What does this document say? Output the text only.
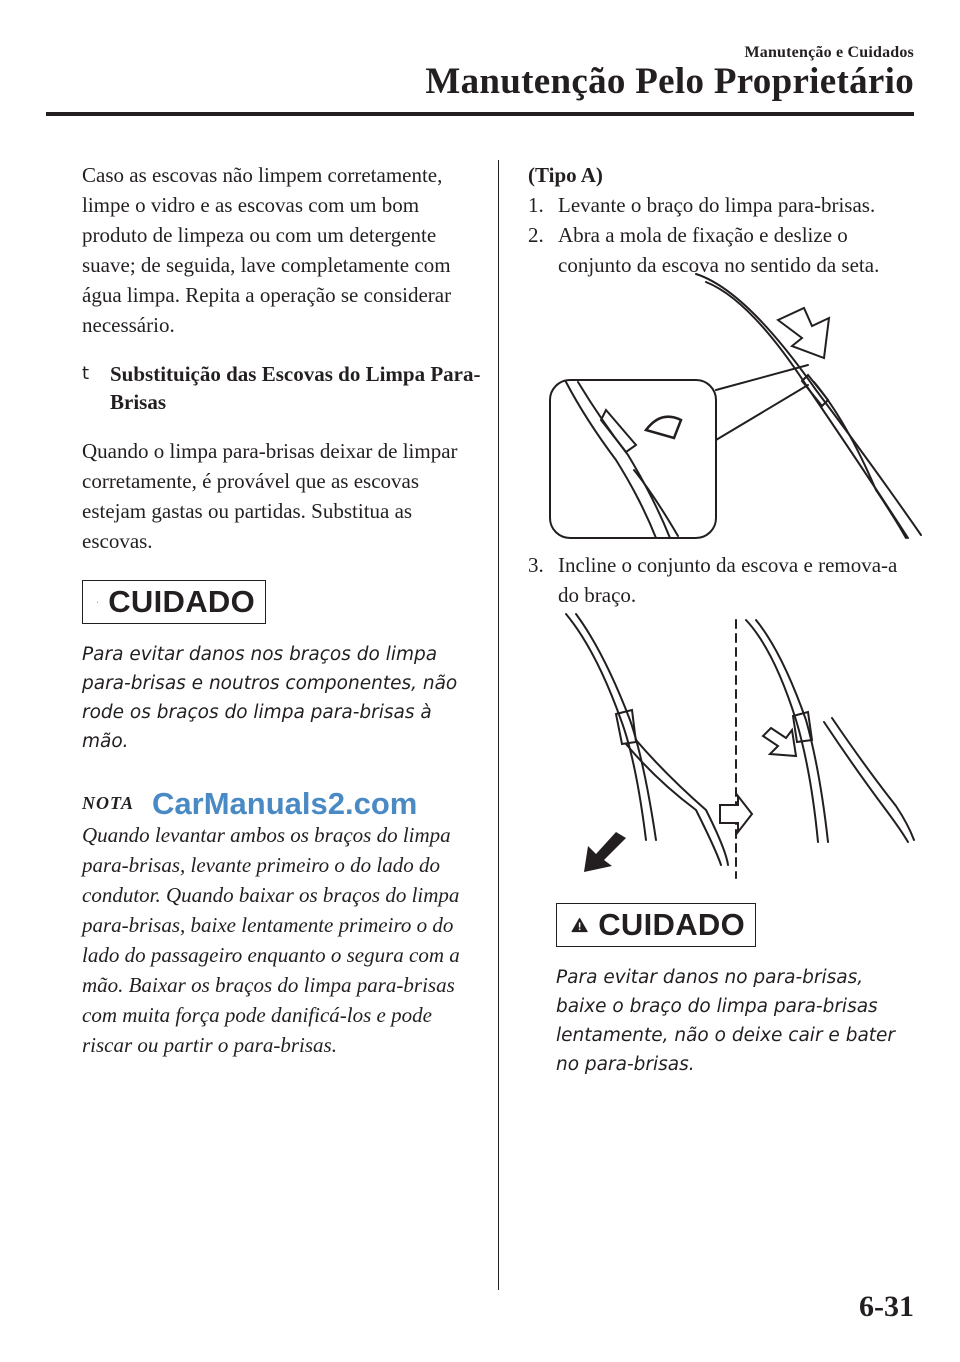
Manutenção e Cuidados
Manutenção Pelo Proprietário

Caso as escovas não limpem corretamente, limpe o vidro e as escovas com um bom produto de limpeza ou com um detergente suave; de seguida, lave completamente com água limpa. Repita a operação se considerar necessário.

t Substituição das Escovas do Limpa Para-Brisas

Quando o limpa para-brisas deixar de limpar corretamente, é provável que as escovas estejam gastas ou partidas. Substitua as escovas.

CUIDADO

Para evitar danos nos braços do limpa para-brisas e noutros componentes, não rode os braços do limpa para-brisas à mão.

NOTA CarManuals2.com

Quando levantar ambos os braços do limpa para-brisas, levante primeiro o do lado do condutor. Quando baixar os braços do limpa para-brisas, baixe lentamente primeiro o do lado do passageiro enquanto o segura com a mão. Baixar os braços do limpa para-brisas com muita força pode danificá-los e pode riscar ou partir o para-brisas.

(Tipo A)

1. Levante o braço do limpa para-brisas.
2. Abra a mola de fixação e deslize o conjunto da escova no sentido da seta.
3. Incline o conjunto da escova e remova-a do braço.
CUIDADO

Para evitar danos no para-brisas, baixe o braço do limpa para-brisas lentamente, não o deixe cair e bater no para-brisas.

6-31
